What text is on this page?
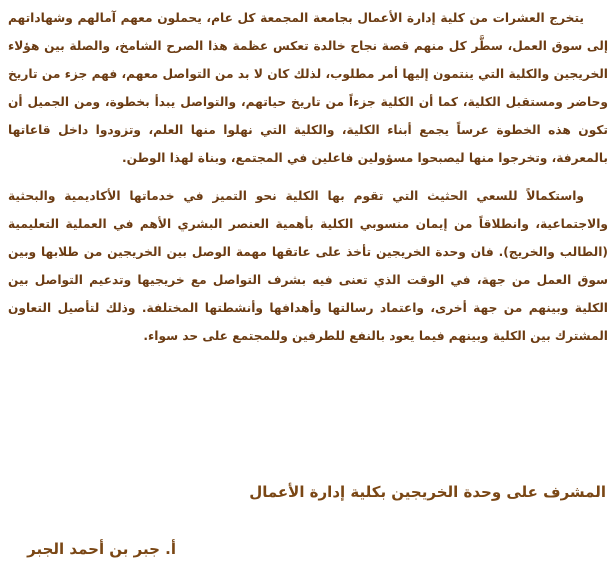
يتخرج العشرات من كلية إدارة الأعمال بجامعة المجمعة كل عام، يحملون معهم آمالهم وشهاداتهم إلى سوق العمل، سطَّر كل منهم قصة نجاح خالدة تعكس عظمة هذا الصرح الشامخ، والصلة بين هؤلاء الخريجين والكلية التي ينتمون إليها أمر مطلوب، لذلك كان لا بد من التواصل معهم، فهم جزء من تاريخ وحاضر ومستقبل الكلية، كما أن الكلية جزءاً من تاريخ حياتهم، والتواصل يبدأ بخطوة، ومن الجميل أن تكون هذه الخطوة عرساً يجمع أبناء الكلية، والكلية التي نهلوا منها العلم، وتزودوا داخل قاعاتها بالمعرفة، وتخرجوا منها ليصبحوا مسؤولين فاعلين في المجتمع، وبناة لهذا الوطن.

واستكمالاً للسعي الحثيث التي تقوم بها الكلية نحو التميز في خدماتها الأكاديمية والبحثية والاجتماعية، وانطلاقاً من إيمان منسوبي الكلية بأهمية العنصر البشري الأهم في العملية التعليمية (الطالب والخريج). فان وحدة الخريجين تأخذ على عاتقها مهمة الوصل بين الخريجين من طلابها وبين سوق العمل من جهة، في الوقت الذي تعنى فيه بشرف التواصل مع خريجيها وتدعيم التواصل بين الكلية وبينهم من جهة أخرى، واعتماد رسالتها وأهدافها وأنشطتها المختلفة. وذلك لتأصيل التعاون المشترك بين الكلية وبينهم فيما يعود بالنفع للطرفين وللمجتمع على حد سواء.

المشرف على وحدة الخريجين بكلية إدارة الأعمال

أ. جبر بن أحمد الجبر
